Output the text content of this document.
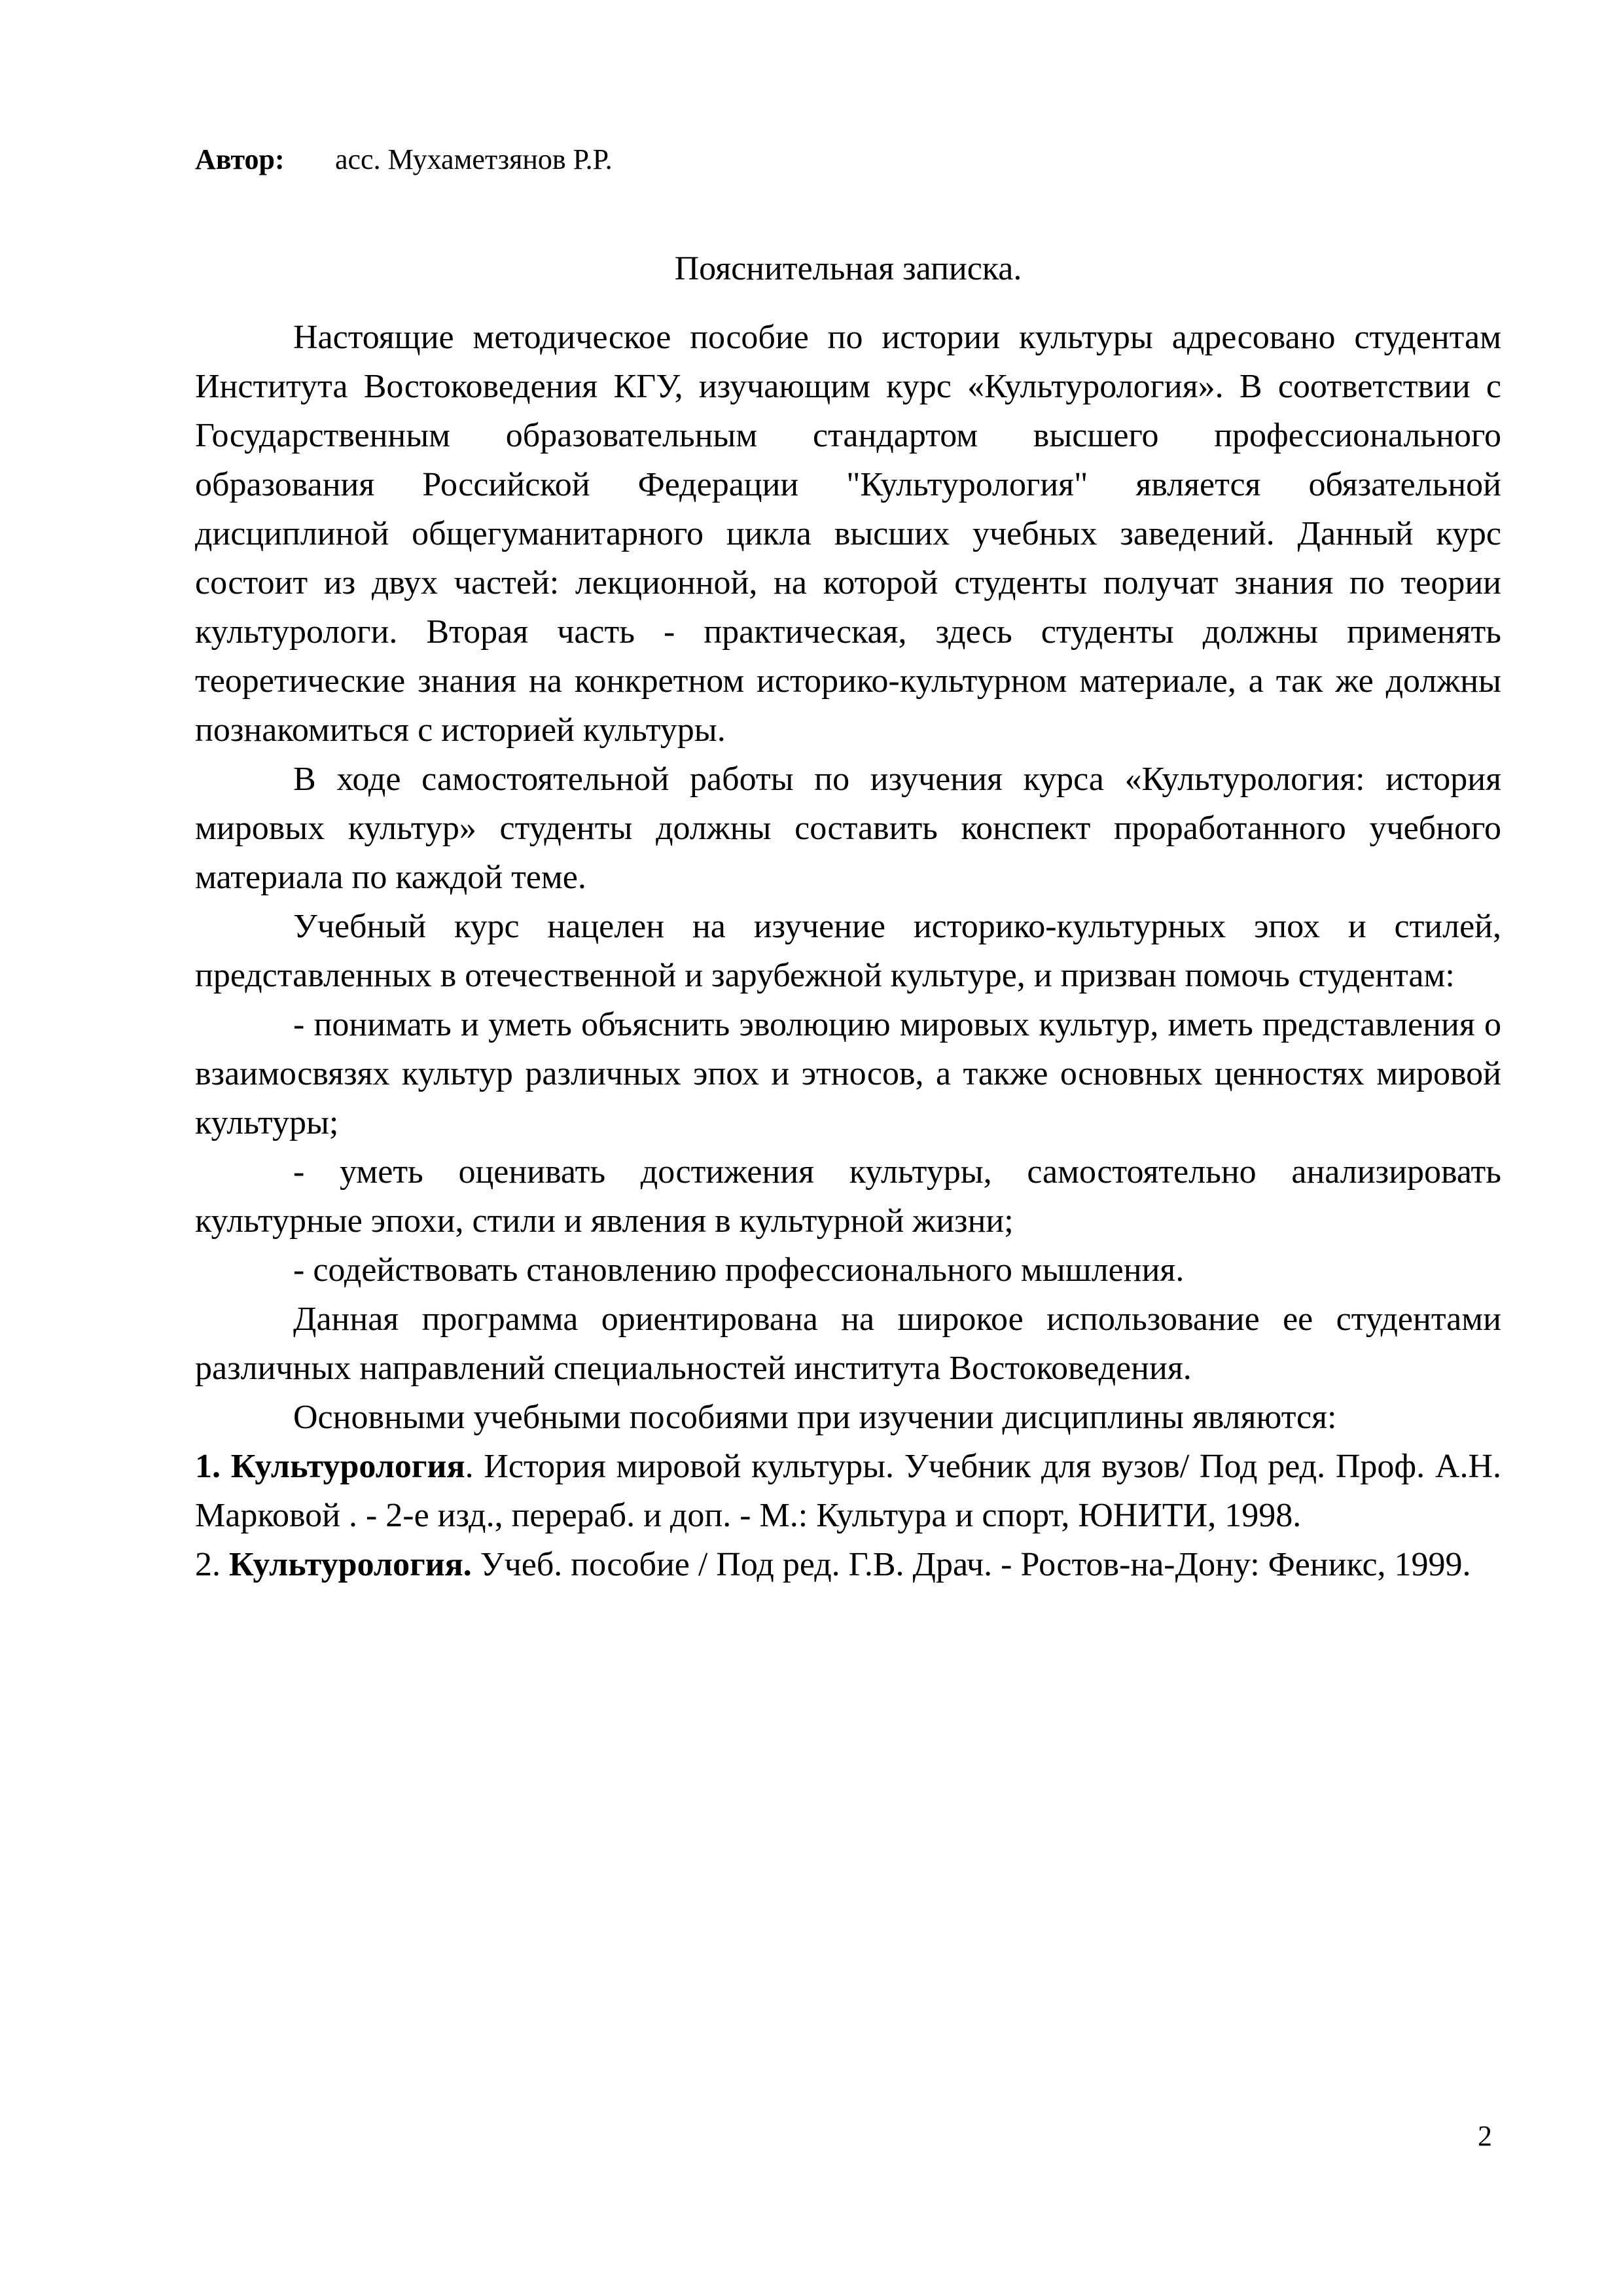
Автор: асс. Мухаметзянов Р.Р.
Пояснительная записка.

Настоящие методическое пособие по истории культуры адресовано студентам Института Востоковедения КГУ, изучающим курс «Культурология». В соответствии с Государственным образовательным стандартом высшего профессионального образования Российской Федерации "Культурология" является обязательной дисциплиной общегуманитарного цикла высших учебных заведений. Данный курс состоит из двух частей: лекционной, на которой студенты получат знания по теории культурологи. Вторая часть - практическая, здесь студенты должны применять теоретические знания на конкретном историко-культурном материале, а так же должны познакомиться с историей культуры.

В ходе самостоятельной работы по изучения курса «Культурология: история мировых культур» студенты должны составить конспект проработанного учебного материала по каждой теме.

Учебный курс нацелен на изучение историко-культурных эпох и стилей, представленных в отечественной и зарубежной культуре, и призван помочь студентам:

- понимать и уметь объяснить эволюцию мировых культур, иметь представления о взаимосвязях культур различных эпох и этносов, а также основных ценностях мировой культуры;

- уметь оценивать достижения культуры, самостоятельно анализировать культурные эпохи, стили и явления в культурной жизни;

- содействовать становлению профессионального мышления.

Данная программа ориентирована на широкое использование ее студентами различных направлений специальностей института Востоковедения.

Основными учебными пособиями при изучении дисциплины являются:

1. Культурология. История мировой культуры. Учебник для вузов/ Под ред. Проф. А.Н. Марковой . - 2-е изд., перераб. и доп. - М.: Культура и спорт, ЮНИТИ, 1998.

2. Культурология. Учеб. пособие / Под ред. Г.В. Драч. - Ростов-на-Дону: Феникс, 1999.

2
